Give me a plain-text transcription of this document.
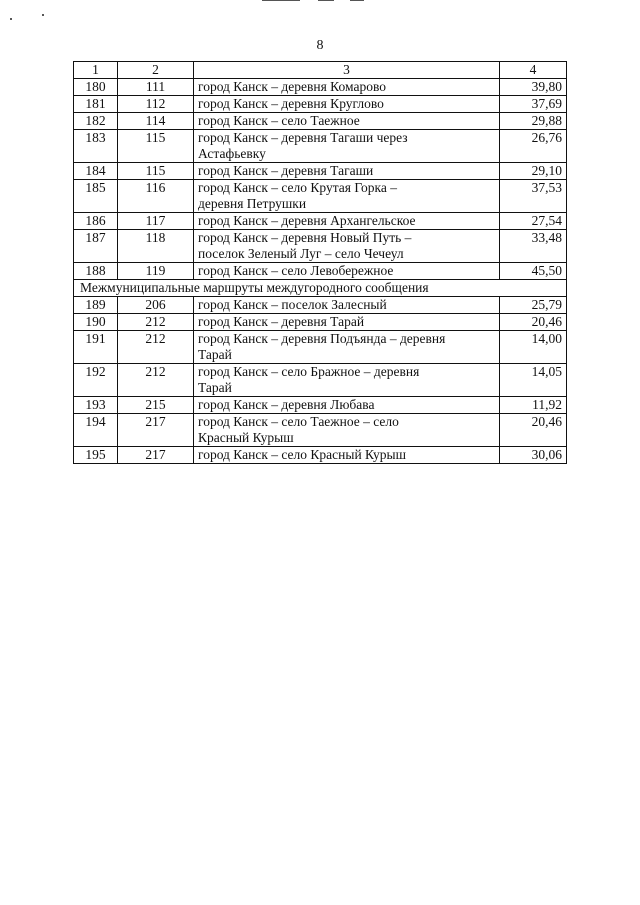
8
1	2	3	4
180	111	город Канск – деревня Комарово	39,80
181	112	город Канск – деревня Круглово	37,69
182	114	город Канск – село Таежное	29,88
183	115	город Канск – деревня Тагаши через
Астафьевку	26,76
184	115	город Канск – деревня Тагаши	29,10
185	116	город Канск – село Крутая Горка –
деревня Петрушки	37,53
186	117	город Канск – деревня Архангельское	27,54
187	118	город Канск – деревня Новый Путь –
поселок Зеленый Луг – село Чечеул	33,48
188	119	город Канск – село Левобережное	45,50
Межмуниципальные маршруты междугородного сообщения			
189	206	город Канск – поселок Залесный	25,79
190	212	город Канск – деревня Тарай	20,46
191	212	город Канск – деревня Подъянда – деревня
Тарай	14,00
192	212	город Канск – село Бражное – деревня
Тарай	14,05
193	215	город Канск – деревня Любава	11,92
194	217	город Канск – село Таежное – село
Красный Курыш	20,46
195	217	город Канск – село Красный Курыш	30,06
